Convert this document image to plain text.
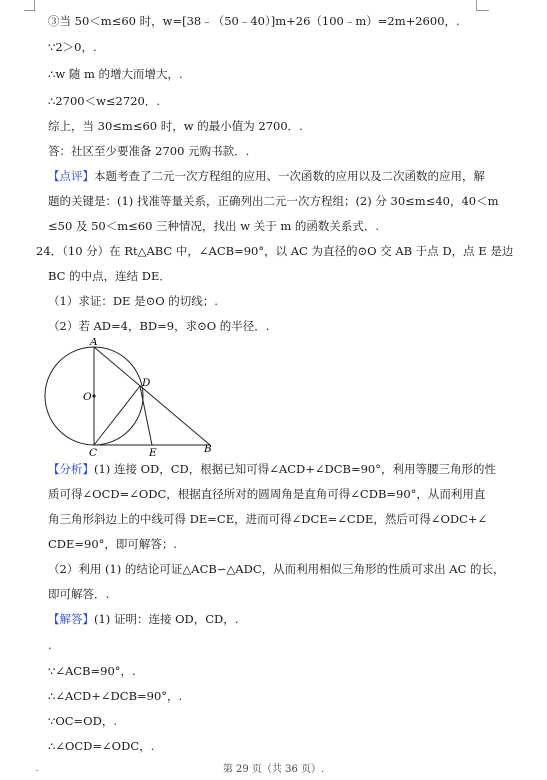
③当 50＜m≤60 时，w=[38﹣（50﹣40）]m+26（100﹣m）=2m+2600，.
∵2＞0，.
∴w 随 m 的增大而增大，.
∴2700＜w≤2720．.
综上，当 30≤m≤60 时，w 的最小值为 2700．.
答：社区至少要准备 2700 元购书款．.
【点评】本题考查了二元一次方程组的应用、一次函数的应用以及二次函数的应用，解
题的关键是：(1) 找准等量关系，正确列出二元一次方程组；(2) 分 30≤m≤40，40＜m
≤50 及 50＜m≤60 三种情况，找出 w 关于 m 的函数关系式．.
24．（10 分）在 Rt△ABC 中，∠ACB=90°，以 AC 为直径的⊙O 交 AB 于点 D，点 E 是边
BC 的中点，连结 DE．
（1）求证：DE 是⊙O 的切线；.
（2）若 AD=4，BD=9，求⊙O 的半径．.
A
O
D
C	E	B
【分析】(1) 连接 OD，CD，根据已知可得∠ACD+∠DCB=90°，利用等腰三角形的性
质可得∠OCD=∠ODC，根据直径所对的圆周角是直角可得∠CDB=90°，从而利用直
角三角形斜边上的中线可得 DE=CE，进而可得∠DCE=∠CDE，然后可得∠ODC+∠
CDE=90°，即可解答；.
（2）利用 (1) 的结论可证△ACB∽△ADC，从而利用相似三角形的性质可求出 AC 的长，
即可解答．.
【解答】(1) 证明：连接 OD，CD，.
.
∵∠ACB=90°，.
∴∠ACD+∠DCB=90°，.
∵OC=OD，.
∴∠OCD=∠ODC，.
第 29 页（共 36 页）.
